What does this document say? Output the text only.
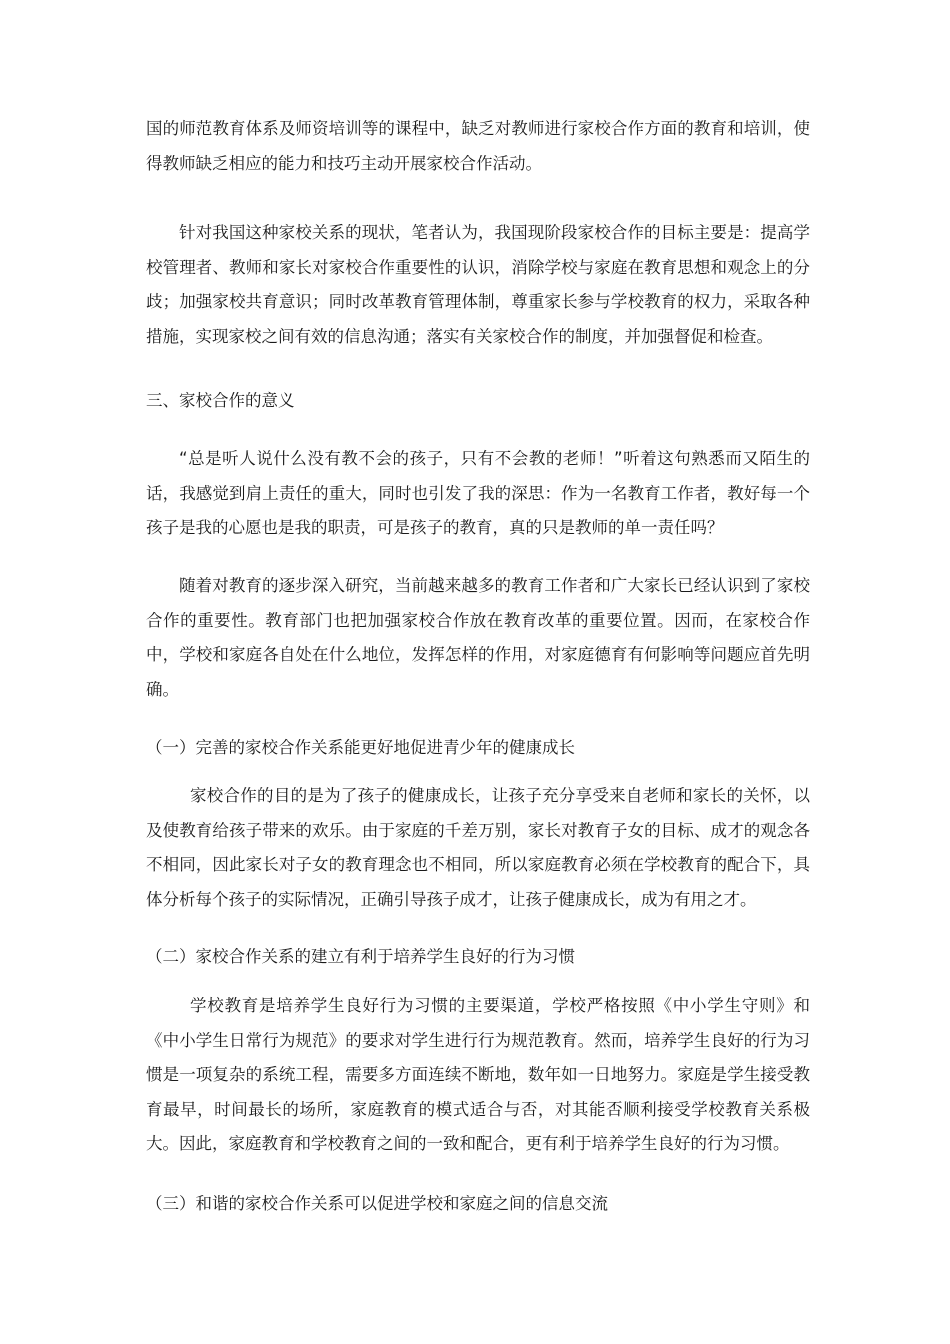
国的师范教育体系及师资培训等的课程中，缺乏对教师进行家校合作方面的教育和培训，使得教师缺乏相应的能力和技巧主动开展家校合作活动。

针对我国这种家校关系的现状，笔者认为，我国现阶段家校合作的目标主要是：提高学校管理者、教师和家长对家校合作重要性的认识，消除学校与家庭在教育思想和观念上的分歧；加强家校共育意识；同时改革教育管理体制，尊重家长参与学校教育的权力，采取各种措施，实现家校之间有效的信息沟通；落实有关家校合作的制度，并加强督促和检查。

三、家校合作的意义

“总是听人说什么没有教不会的孩子，只有不会教的老师！”听着这句熟悉而又陌生的话，我感觉到肩上责任的重大，同时也引发了我的深思：作为一名教育工作者，教好每一个孩子是我的心愿也是我的职责，可是孩子的教育，真的只是教师的单一责任吗？

随着对教育的逐步深入研究，当前越来越多的教育工作者和广大家长已经认识到了家校合作的重要性。教育部门也把加强家校合作放在教育改革的重要位置。因而，在家校合作中，学校和家庭各自处在什么地位，发挥怎样的作用，对家庭德育有何影响等问题应首先明确。

（一）完善的家校合作关系能更好地促进青少年的健康成长

家校合作的目的是为了孩子的健康成长，让孩子充分享受来自老师和家长的关怀，以及使教育给孩子带来的欢乐。由于家庭的千差万别，家长对教育子女的目标、成才的观念各不相同，因此家长对子女的教育理念也不相同，所以家庭教育必须在学校教育的配合下，具体分析每个孩子的实际情况，正确引导孩子成才，让孩子健康成长，成为有用之才。

（二）家校合作关系的建立有利于培养学生良好的行为习惯

学校教育是培养学生良好行为习惯的主要渠道，学校严格按照《中小学生守则》和《中小学生日常行为规范》的要求对学生进行行为规范教育。然而，培养学生良好的行为习惯是一项复杂的系统工程，需要多方面连续不断地，数年如一日地努力。家庭是学生接受教育最早，时间最长的场所，家庭教育的模式适合与否，对其能否顺利接受学校教育关系极大。因此，家庭教育和学校教育之间的一致和配合，更有利于培养学生良好的行为习惯。

（三）和谐的家校合作关系可以促进学校和家庭之间的信息交流
